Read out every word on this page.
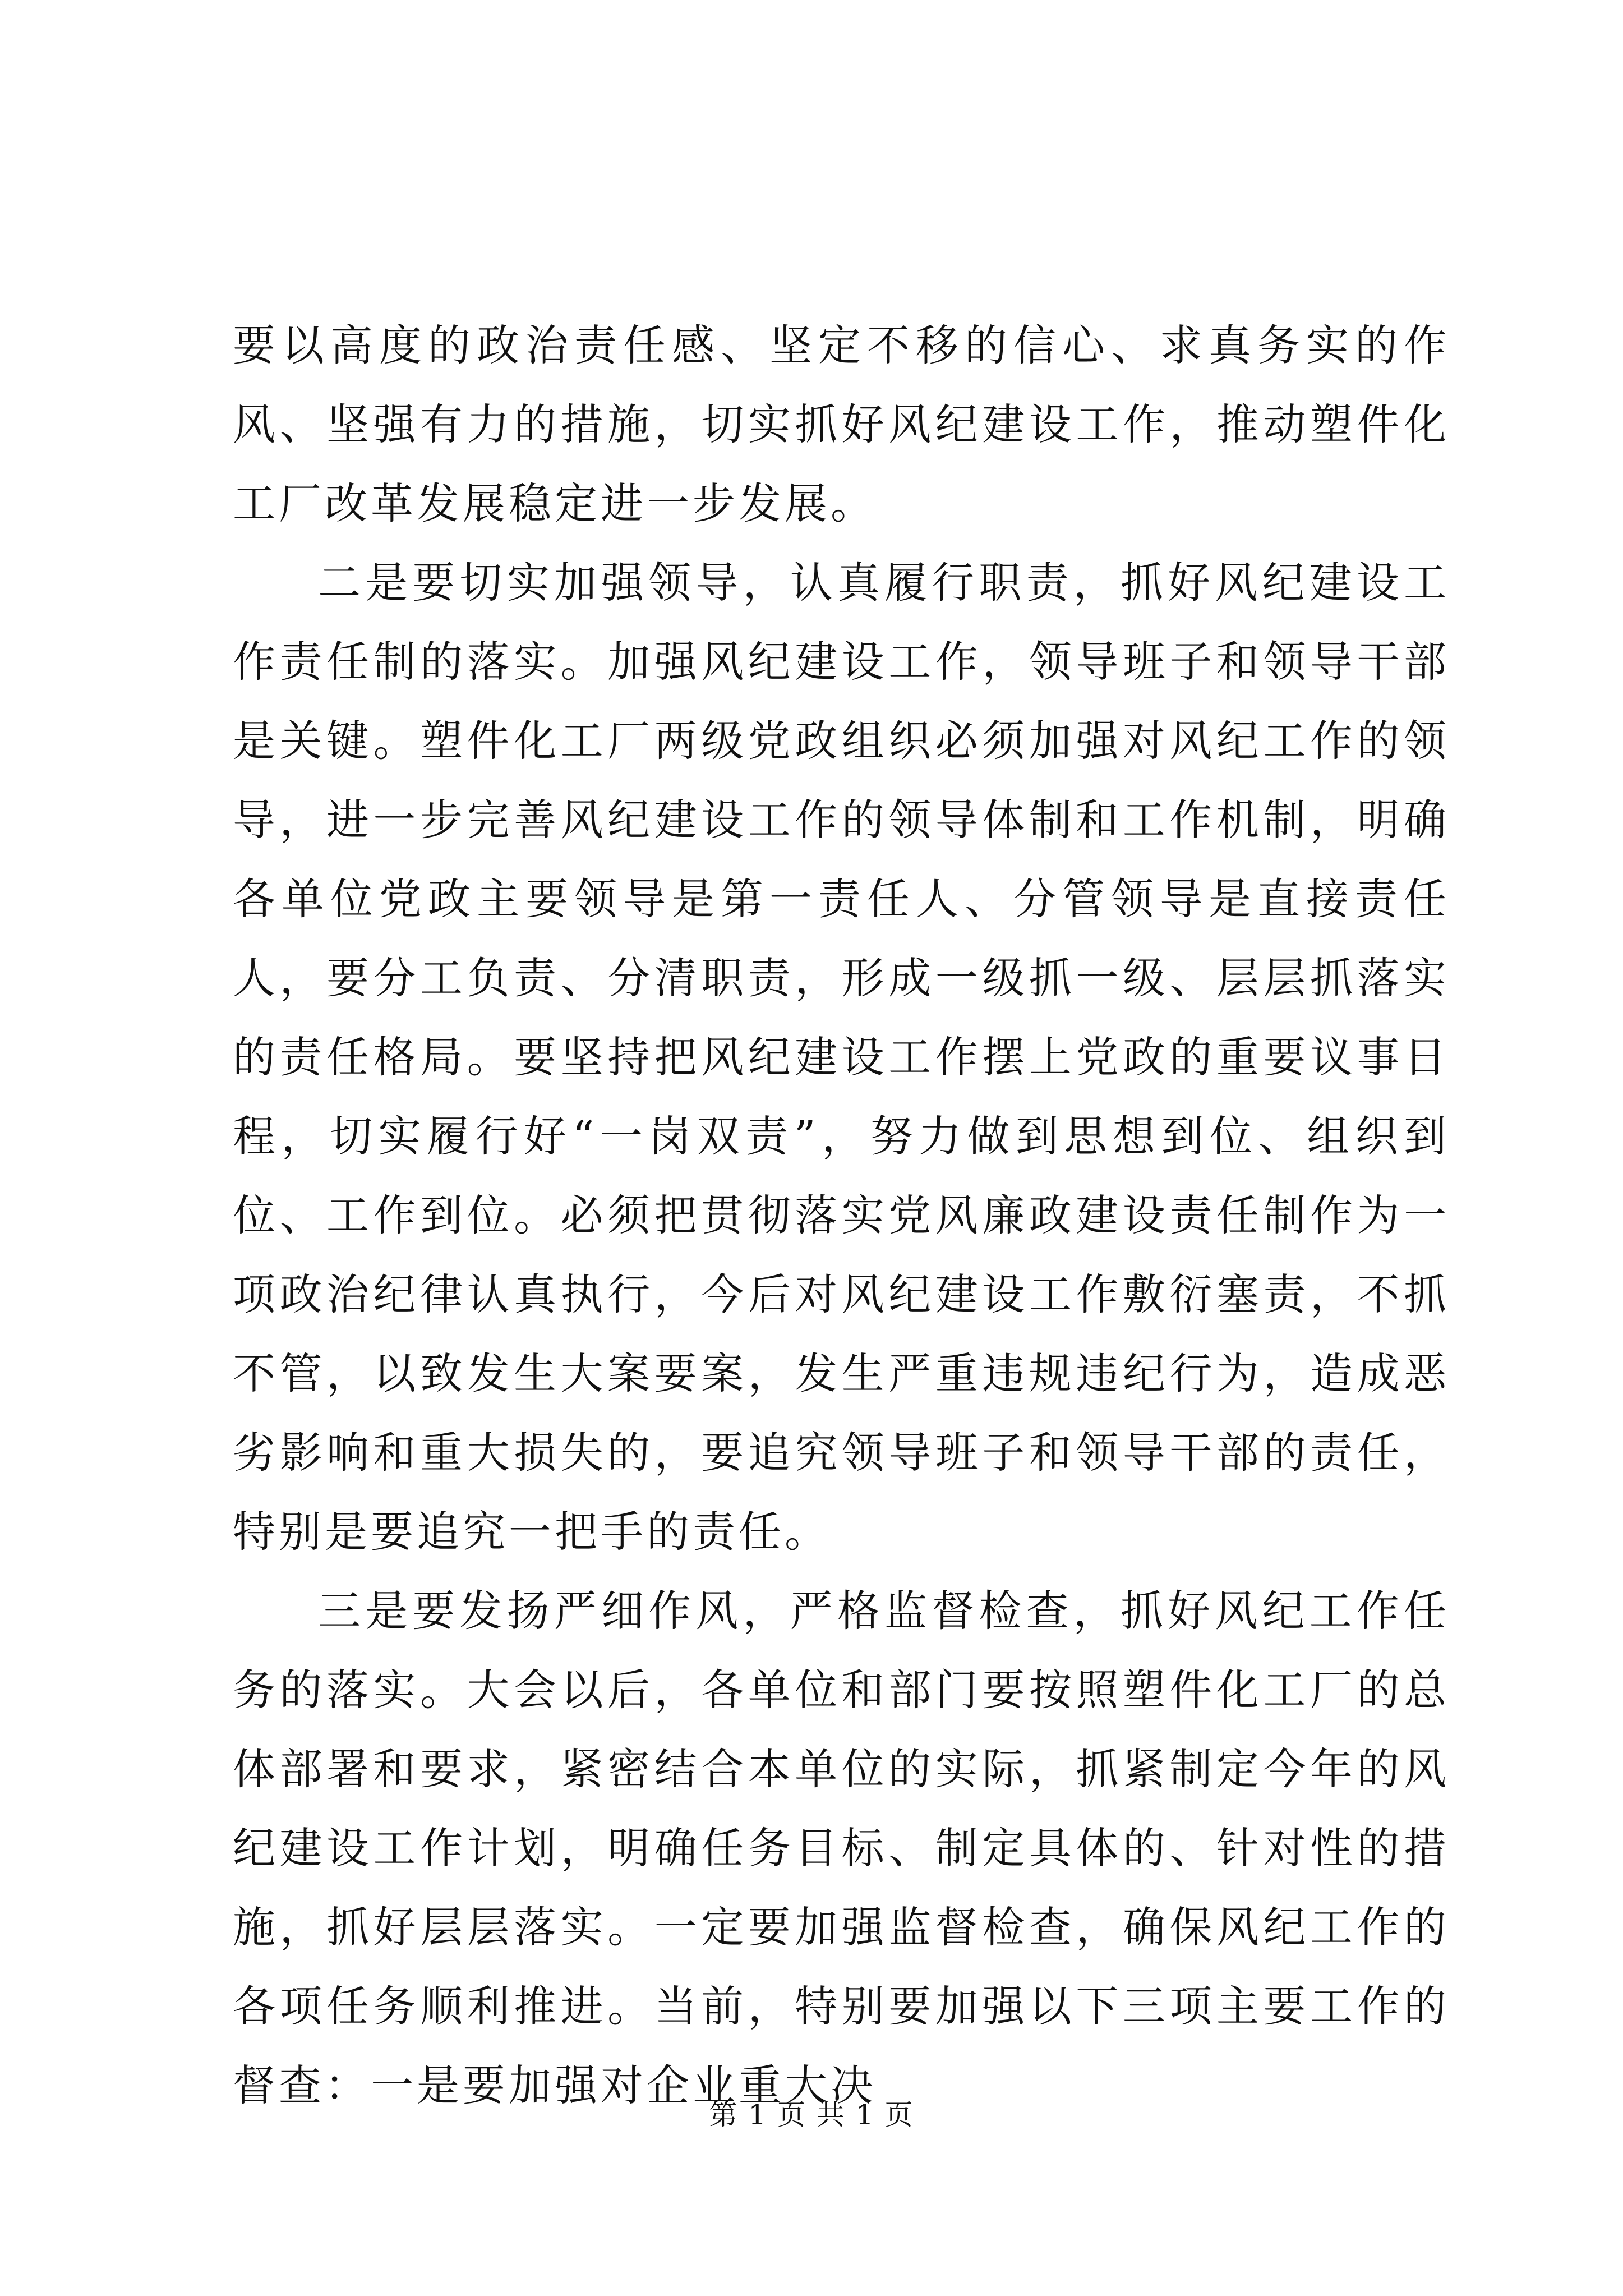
要以高度的政治责任感、坚定不移的信心、求真务实的作风、坚强有力的措施，切实抓好风纪建设工作，推动塑件化工厂改革发展稳定进一步发展。

二是要切实加强领导，认真履行职责，抓好风纪建设工作责任制的落实。加强风纪建设工作，领导班子和领导干部是关键。塑件化工厂两级党政组织必须加强对风纪工作的领导，进一步完善风纪建设工作的领导体制和工作机制，明确各单位党政主要领导是第一责任人、分管领导是直接责任人，要分工负责、分清职责，形成一级抓一级、层层抓落实的责任格局。要坚持把风纪建设工作摆上党政的重要议事日程，切实履行好“一岗双责”，努力做到思想到位、组织到位、工作到位。必须把贯彻落实党风廉政建设责任制作为一项政治纪律认真执行，今后对风纪建设工作敷衍塞责，不抓不管，以致发生大案要案，发生严重违规违纪行为，造成恶劣影响和重大损失的，要追究领导班子和领导干部的责任，特别是要追究一把手的责任。

三是要发扬严细作风，严格监督检查，抓好风纪工作任务的落实。大会以后，各单位和部门要按照塑件化工厂的总体部署和要求，紧密结合本单位的实际，抓紧制定今年的风纪建设工作计划，明确任务目标、制定具体的、针对性的措施，抓好层层落实。一定要加强监督检查，确保风纪工作的各项任务顺利推进。当前，特别要加强以下三项主要工作的督查：一是要加强对企业重大决

第 1 页 共 1 页
